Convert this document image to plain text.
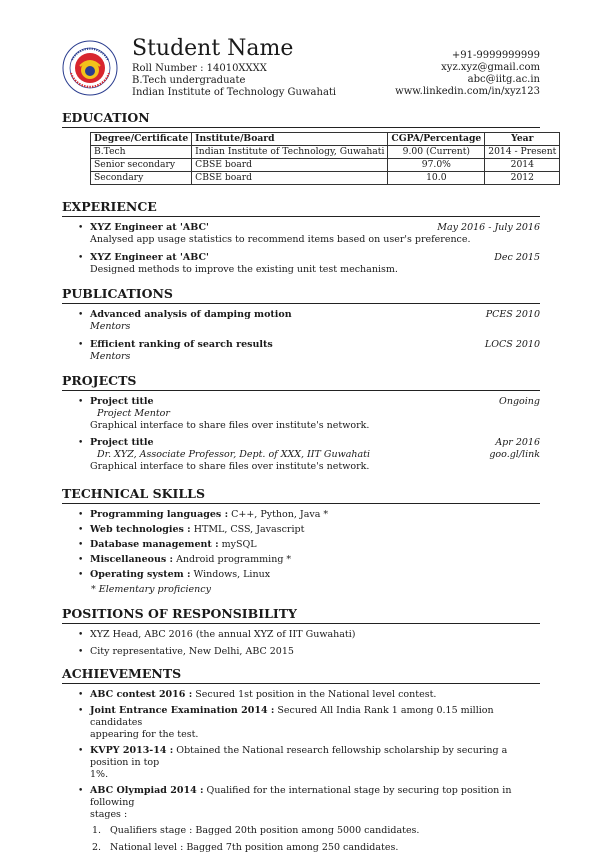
Student Name
Roll Number : 14010XXXX
B.Tech undergraduate
Indian Institute of Technology Guwahati
+91-9999999999
xyz.xyz@gmail.com
abc@iitg.ac.in
www.linkedin.com/in/xyz123
EDUCATION
Degree/Certificate	Institute/Board	CGPA/Percentage	Year
B.Tech	Indian Institute of Technology, Guwahati	9.00 (Current)	2014 - Present
Senior secondary	CBSE board	97.0%	2014
Secondary	CBSE board	10.0	2012
EXPERIENCE
• XYZ Engineer at 'ABC'	May 2016 - July 2016
Analysed app usage statistics to recommend items based on user's preference.
• XYZ Engineer at 'ABC'	Dec 2015
Designed methods to improve the existing unit test mechanism.
PUBLICATIONS
• Advanced analysis of damping motion	PCES 2010
Mentors
• Efficient ranking of search results	LOCS 2010
Mentors
PROJECTS
• Project title	Ongoing
Project Mentor
Graphical interface to share files over institute's network.
• Project title	Apr 2016
Dr. XYZ, Associate Professor, Dept. of XXX, IIT Guwahati	goo.gl/link
Graphical interface to share files over institute's network.
TECHNICAL SKILLS
• Programming languages : C++, Python, Java *
• Web technologies : HTML, CSS, Javascript
• Database management : mySQL
• Miscellaneous : Android programming *
• Operating system : Windows, Linux
* Elementary proficiency
POSITIONS OF RESPONSIBILITY
• XYZ Head, ABC 2016 (the annual XYZ of IIT Guwahati)
• City representative, New Delhi, ABC 2015
ACHIEVEMENTS
• ABC contest 2016 : Secured 1st position in the National level contest.
• Joint Entrance Examination 2014 : Secured All India Rank 1 among 0.15 million candidates
appearing for the test.
• KVPY 2013-14 : Obtained the National research fellowship scholarship by securing a position in top
1%.
• ABC Olympiad 2014 : Qualified for the international stage by securing top position in following
stages :
1. Qualifiers stage : Bagged 20th position among 5000 candidates.
2. National level : Bagged 7th position among 250 candidates.
